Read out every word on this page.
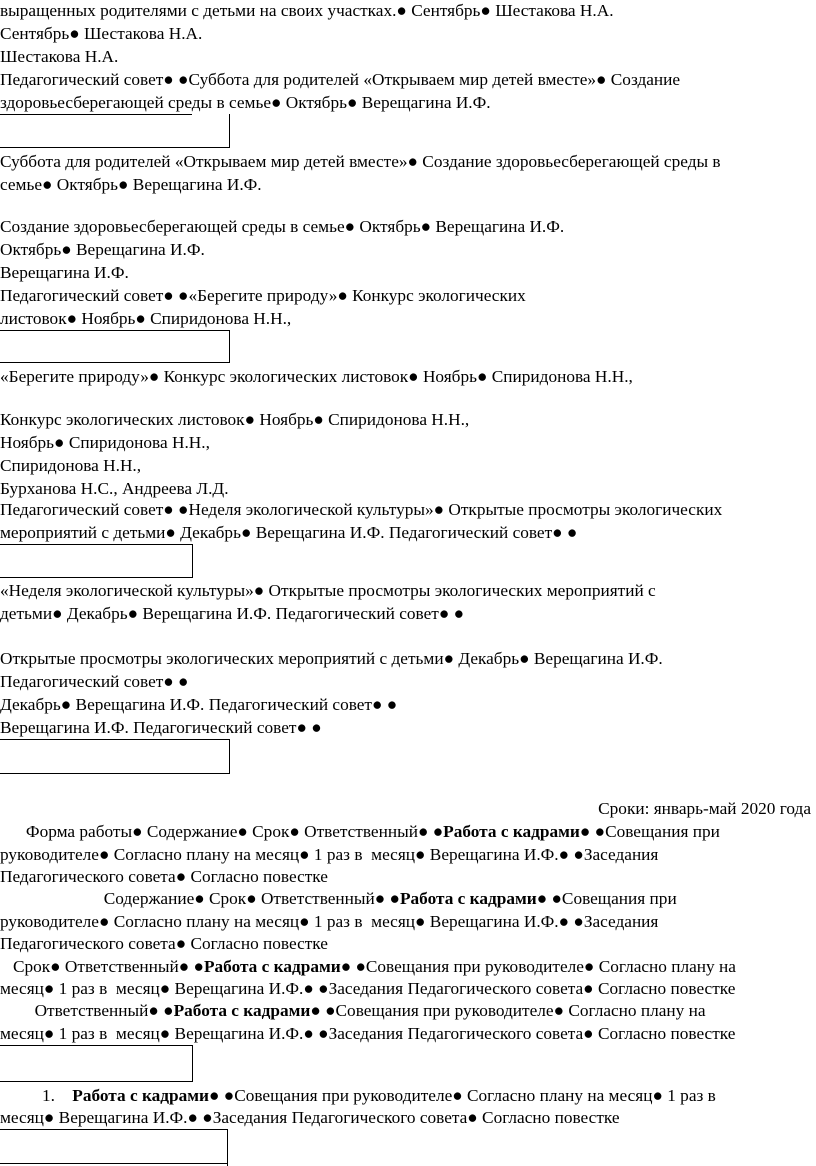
выращенных родителями с детьми на своих участках.● Сентябрь● Шестакова Н.А.
Сентябрь● Шестакова Н.А.
Шестакова Н.А.
Педагогический совет● ●Суббота для родителей «Открываем мир детей вместе»● Создание
здоровьесберегающей среды в семье● Октябрь● Верещагина И.Ф.
Суббота для родителей «Открываем мир детей вместе»● Создание здоровьесберегающей среды в
семье● Октябрь● Верещагина И.Ф.
Создание здоровьесберегающей среды в семье● Октябрь● Верещагина И.Ф.
Октябрь● Верещагина И.Ф.
Верещагина И.Ф.
Педагогический совет● ●«Берегите природу»● Конкурс экологических
листовок● Ноябрь● Спиридонова Н.Н.,
«Берегите природу»● Конкурс экологических листовок● Ноябрь● Спиридонова Н.Н.,
Конкурс экологических листовок● Ноябрь● Спиридонова Н.Н.,
Ноябрь● Спиридонова Н.Н.,
Спиридонова Н.Н.,
Бурханова Н.С., Андреева Л.Д.
Педагогический совет● ●Неделя экологической культуры»● Открытые просмотры экологических
мероприятий с детьми● Декабрь● Верещагина И.Ф. Педагогический совет● ●
«Неделя экологической культуры»● Открытые просмотры экологических мероприятий с
детьми● Декабрь● Верещагина И.Ф. Педагогический совет● ●
Открытые просмотры экологических мероприятий с детьми● Декабрь● Верещагина И.Ф.
Педагогический совет● ●
Декабрь● Верещагина И.Ф. Педагогический совет● ●
Верещагина И.Ф. Педагогический совет● ●
Сроки: январь-май 2020 года
Форма работы● Содержание● Срок● Ответственный● ●Работа с кадрами● ●Совещания при
руководителе● Согласно плану на месяц● 1 раз в  месяц● Верещагина И.Ф.● ●Заседания
Педагогического совета● Согласно повестке
Содержание● Срок● Ответственный● ●Работа с кадрами● ●Совещания при
руководителе● Согласно плану на месяц● 1 раз в  месяц● Верещагина И.Ф.● ●Заседания
Педагогического совета● Согласно повестке
Срок● Ответственный● ●Работа с кадрами● ●Совещания при руководителе● Согласно плану на
месяц● 1 раз в  месяц● Верещагина И.Ф.● ●Заседания Педагогического совета● Согласно повестке
Ответственный● ●Работа с кадрами● ●Совещания при руководителе● Согласно плану на
месяц● 1 раз в  месяц● Верещагина И.Ф.● ●Заседания Педагогического совета● Согласно повестке
1. Работа с кадрами● ●Совещания при руководителе● Согласно плану на месяц● 1 раз в
месяц● Верещагина И.Ф.● ●Заседания Педагогического совета● Согласно повестке
